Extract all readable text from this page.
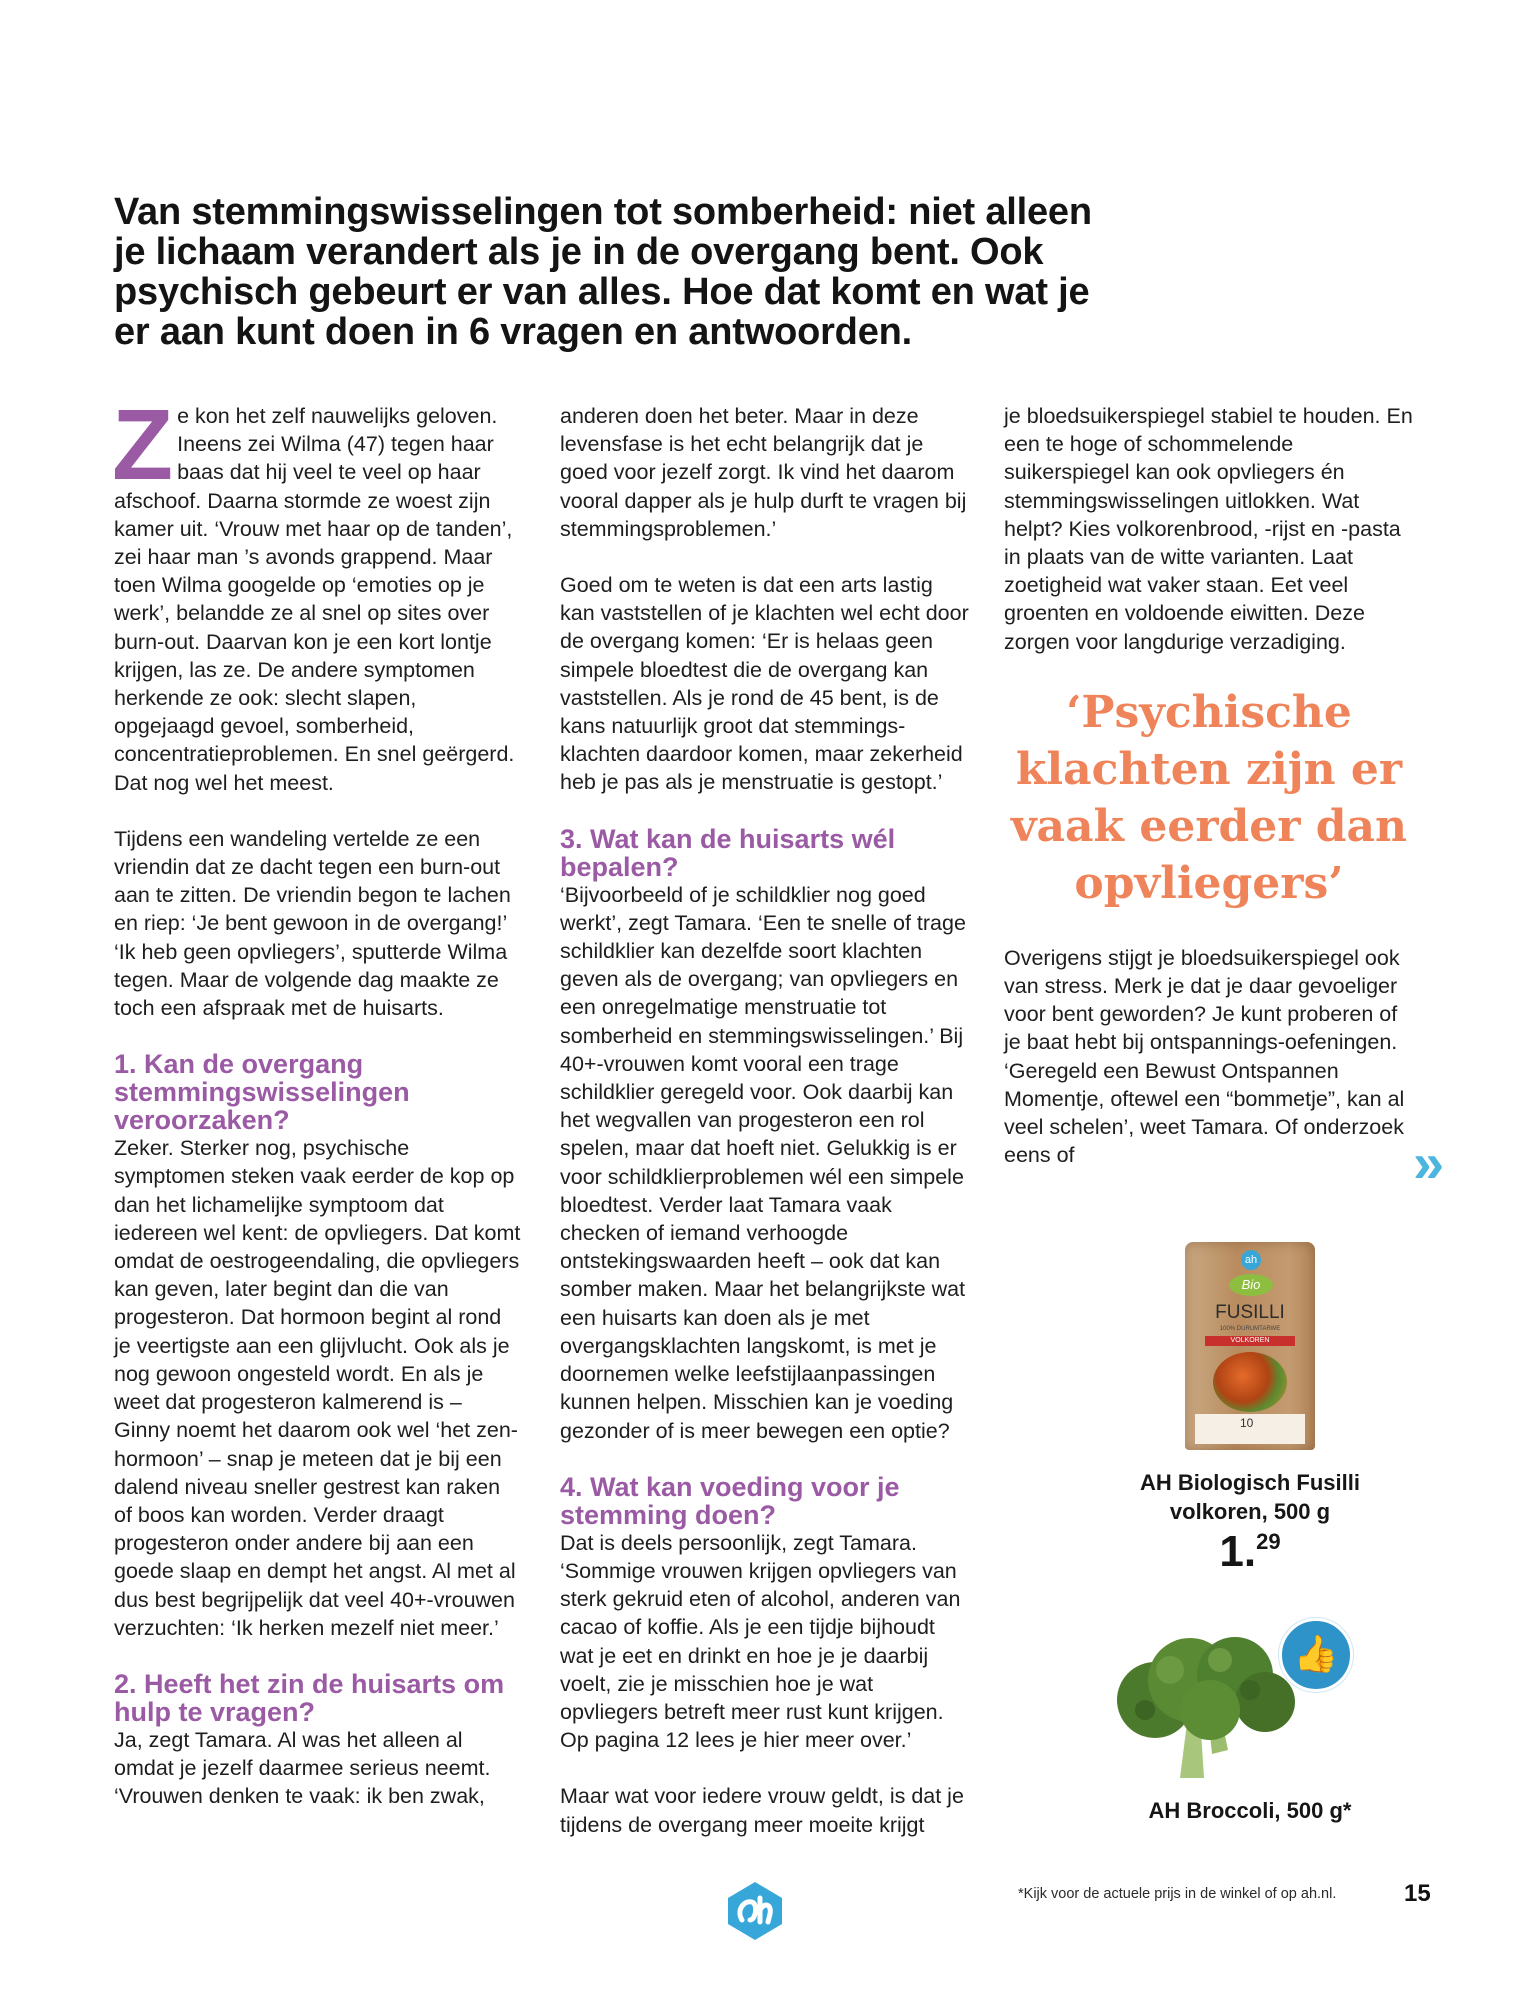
Van stemmingswisselingen tot somberheid: niet alleen je lichaam verandert als je in de overgang bent. Ook psychisch gebeurt er van alles. Hoe dat komt en wat je er aan kunt doen in 6 vragen en antwoorden.

Ze kon het zelf nauwelijks geloven. Ineens zei Wilma (47) tegen haar baas dat hij veel te veel op haar afschoof. Daarna stormde ze woest zijn kamer uit. ‘Vrouw met haar op de tanden’, zei haar man ’s avonds grappend. Maar toen Wilma googelde op ‘emoties op je werk’, belandde ze al snel op sites over burn-out. Daarvan kon je een kort lontje krijgen, las ze. De andere symptomen herkende ze ook: slecht slapen, opgejaagd gevoel, somberheid, concentratieproblemen. En snel geërgerd. Dat nog wel het meest.

Tijdens een wandeling vertelde ze een vriendin dat ze dacht tegen een burn-out aan te zitten. De vriendin begon te lachen en riep: ‘Je bent gewoon in de overgang!’ ‘Ik heb geen opvliegers’, sputterde Wilma tegen. Maar de volgende dag maakte ze toch een afspraak met de huisarts.

1. Kan de overgang stemmingswisselingen veroorzaken?

Zeker. Sterker nog, psychische symptomen steken vaak eerder de kop op dan het lichamelijke symptoom dat iedereen wel kent: de opvliegers. Dat komt omdat de oestrogeendaling, die opvliegers kan geven, later begint dan die van progesteron. Dat hormoon begint al rond je veertigste aan een glijvlucht. Ook als je nog gewoon ongesteld wordt. En als je weet dat progesteron kalmerend is – Ginny noemt het daarom ook wel ‘het zen-hormoon’ – snap je meteen dat je bij een dalend niveau sneller gestrest kan raken of boos kan worden. Verder draagt progesteron onder andere bij aan een goede slaap en dempt het angst. Al met al dus best begrijpelijk dat veel 40+-vrouwen verzuchten: ‘Ik herken mezelf niet meer.’

2. Heeft het zin de huisarts om hulp te vragen?

Ja, zegt Tamara. Al was het alleen al omdat je jezelf daarmee serieus neemt. ‘Vrouwen denken te vaak: ik ben zwak,

anderen doen het beter. Maar in deze levensfase is het echt belangrijk dat je goed voor jezelf zorgt. Ik vind het daarom vooral dapper als je hulp durft te vragen bij stemmingsproblemen.’

Goed om te weten is dat een arts lastig kan vaststellen of je klachten wel echt door de overgang komen: ‘Er is helaas geen simpele bloedtest die de overgang kan vaststellen. Als je rond de 45 bent, is de kans natuurlijk groot dat stemmings-klachten daardoor komen, maar zekerheid heb je pas als je menstruatie is gestopt.’

3. Wat kan de huisarts wél bepalen?

‘Bijvoorbeeld of je schildklier nog goed werkt’, zegt Tamara. ‘Een te snelle of trage schildklier kan dezelfde soort klachten geven als de overgang; van opvliegers en een onregelmatige menstruatie tot somberheid en stemmingswisselingen.’ Bij 40+-vrouwen komt vooral een trage schildklier geregeld voor. Ook daarbij kan het wegvallen van progesteron een rol spelen, maar dat hoeft niet. Gelukkig is er voor schildklierproblemen wél een simpele bloedtest. Verder laat Tamara vaak checken of iemand verhoogde ontstekingswaarden heeft – ook dat kan somber maken. Maar het belangrijkste wat een huisarts kan doen als je met overgangsklachten langskomt, is met je doornemen welke leefstijlaanpassingen kunnen helpen. Misschien kan je voeding gezonder of is meer bewegen een optie?

4. Wat kan voeding voor je stemming doen?

Dat is deels persoonlijk, zegt Tamara. ‘Sommige vrouwen krijgen opvliegers van sterk gekruid eten of alcohol, anderen van cacao of koffie. Als je een tijdje bijhoudt wat je eet en drinkt en hoe je je daarbij voelt, zie je misschien hoe je wat opvliegers betreft meer rust kunt krijgen. Op pagina 12 lees je hier meer over.’

Maar wat voor iedere vrouw geldt, is dat je tijdens de overgang meer moeite krijgt

je bloedsuikerspiegel stabiel te houden. En een te hoge of schommelende suikerspiegel kan ook opvliegers én stemmingswisselingen uitlokken. Wat helpt? Kies volkorenbrood, -rijst en -pasta in plaats van de witte varianten. Laat zoetigheid wat vaker staan. Eet veel groenten en voldoende eiwitten. Deze zorgen voor langdurige verzadiging.

‘Psychische klachten zijn er vaak eerder dan opvliegers’

Overigens stijgt je bloedsuikerspiegel ook van stress. Merk je dat je daar gevoeliger voor bent geworden? Je kunt proberen of je baat hebt bij ontspannings-oefeningen. ‘Geregeld een Bewust Ontspannen Momentje, oftewel een “bommetje”, kan al veel schelen’, weet Tamara. Of onderzoek eens of	»
ah
Bio
FUSILLI
100% DURUMTARWE
VOLKOREN
10
AH Biologisch Fusilli
volkoren, 500 g
1.29
👍
AH Broccoli, 500 g*
*Kijk voor de actuele prijs in de winkel of op ah.nl.	15
